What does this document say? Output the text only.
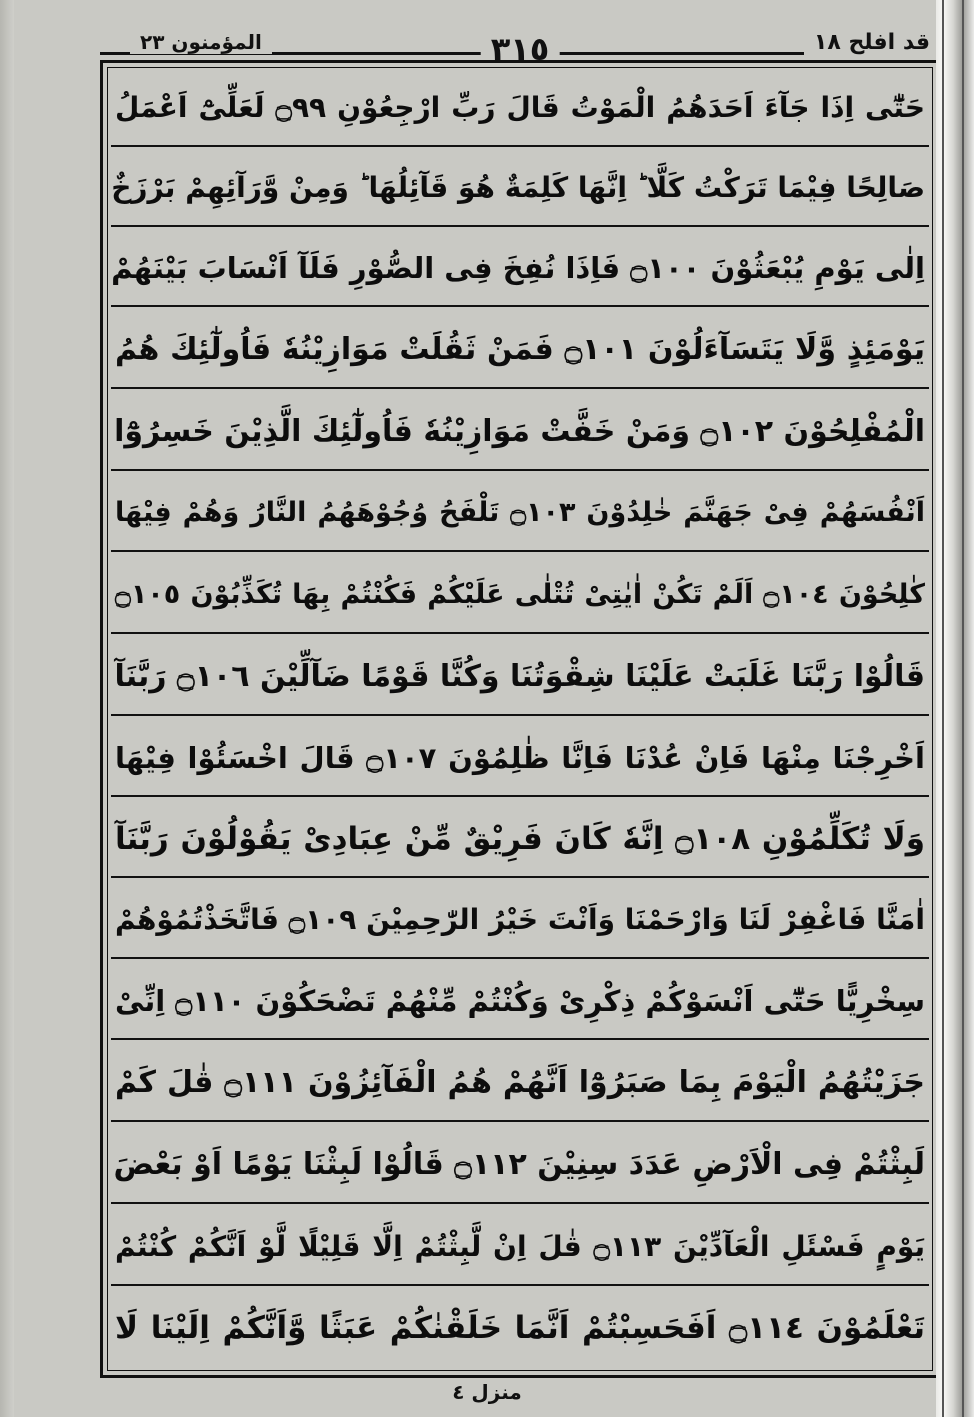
قد افلح ١٨
٣١٥
المؤمنون ٢٣
حَتّٰٓى اِذَا جَآءَ اَحَدَهُمُ الْمَوْتُ قَالَ رَبِّ ارْجِعُوْنِ ۝٩٩ لَعَلِّىْٓ اَعْمَلُ
صَالِحًا فِيْمَا تَرَكْتُ كَلَّا ؕ اِنَّهَا كَلِمَةٌ هُوَ قَآئِلُهَا ؕ وَمِنْ وَّرَآئِهِمْ بَرْزَخٌ
اِلٰى يَوْمِ يُبْعَثُوْنَ ۝١٠٠ فَاِذَا نُفِخَ فِى الصُّوْرِ فَلَآ اَنْسَابَ بَيْنَهُمْ
يَوْمَئِذٍ وَّلَا يَتَسَآءَلُوْنَ ۝١٠١ فَمَنْ ثَقُلَتْ مَوَازِيْنُهٗ فَاُولٰٓئِكَ هُمُ
الْمُفْلِحُوْنَ ۝١٠٢ وَمَنْ خَفَّتْ مَوَازِيْنُهٗ فَاُولٰٓئِكَ الَّذِيْنَ خَسِرُوْٓا
اَنْفُسَهُمْ فِىْ جَهَنَّمَ خٰلِدُوْنَ ۝١٠٣ تَلْفَحُ وُجُوْهَهُمُ النَّارُ وَهُمْ فِيْهَا
كٰلِحُوْنَ ۝١٠٤ اَلَمْ تَكُنْ اٰيٰتِىْ تُتْلٰى عَلَيْكُمْ فَكُنْتُمْ بِهَا تُكَذِّبُوْنَ ۝١٠٥
قَالُوْا رَبَّنَا غَلَبَتْ عَلَيْنَا شِقْوَتُنَا وَكُنَّا قَوْمًا ضَآلِّيْنَ ۝١٠٦ رَبَّنَآ
اَخْرِجْنَا مِنْهَا فَاِنْ عُدْنَا فَاِنَّا ظٰلِمُوْنَ ۝١٠٧ قَالَ اخْسَئُوْا فِيْهَا
وَلَا تُكَلِّمُوْنِ ۝١٠٨ اِنَّهٗ كَانَ فَرِيْقٌ مِّنْ عِبَادِىْ يَقُوْلُوْنَ رَبَّنَآ
اٰمَنَّا فَاغْفِرْ لَنَا وَارْحَمْنَا وَاَنْتَ خَيْرُ الرّٰحِمِيْنَ ۝١٠٩ فَاتَّخَذْتُمُوْهُمْ
سِخْرِيًّا حَتّٰٓى اَنْسَوْكُمْ ذِكْرِىْ وَكُنْتُمْ مِّنْهُمْ تَضْحَكُوْنَ ۝١١٠ اِنِّىْ
جَزَيْتُهُمُ الْيَوْمَ بِمَا صَبَرُوْٓا اَنَّهُمْ هُمُ الْفَآئِزُوْنَ ۝١١١ قٰلَ كَمْ
لَبِثْتُمْ فِى الْاَرْضِ عَدَدَ سِنِيْنَ ۝١١٢ قَالُوْا لَبِثْنَا يَوْمًا اَوْ بَعْضَ
يَوْمٍ فَسْئَلِ الْعَآدِّيْنَ ۝١١٣ قٰلَ اِنْ لَّبِثْتُمْ اِلَّا قَلِيْلًا لَّوْ اَنَّكُمْ كُنْتُمْ
تَعْلَمُوْنَ ۝١١٤ اَفَحَسِبْتُمْ اَنَّمَا خَلَقْنٰكُمْ عَبَثًا وَّاَنَّكُمْ اِلَيْنَا لَا
منزل ٤
